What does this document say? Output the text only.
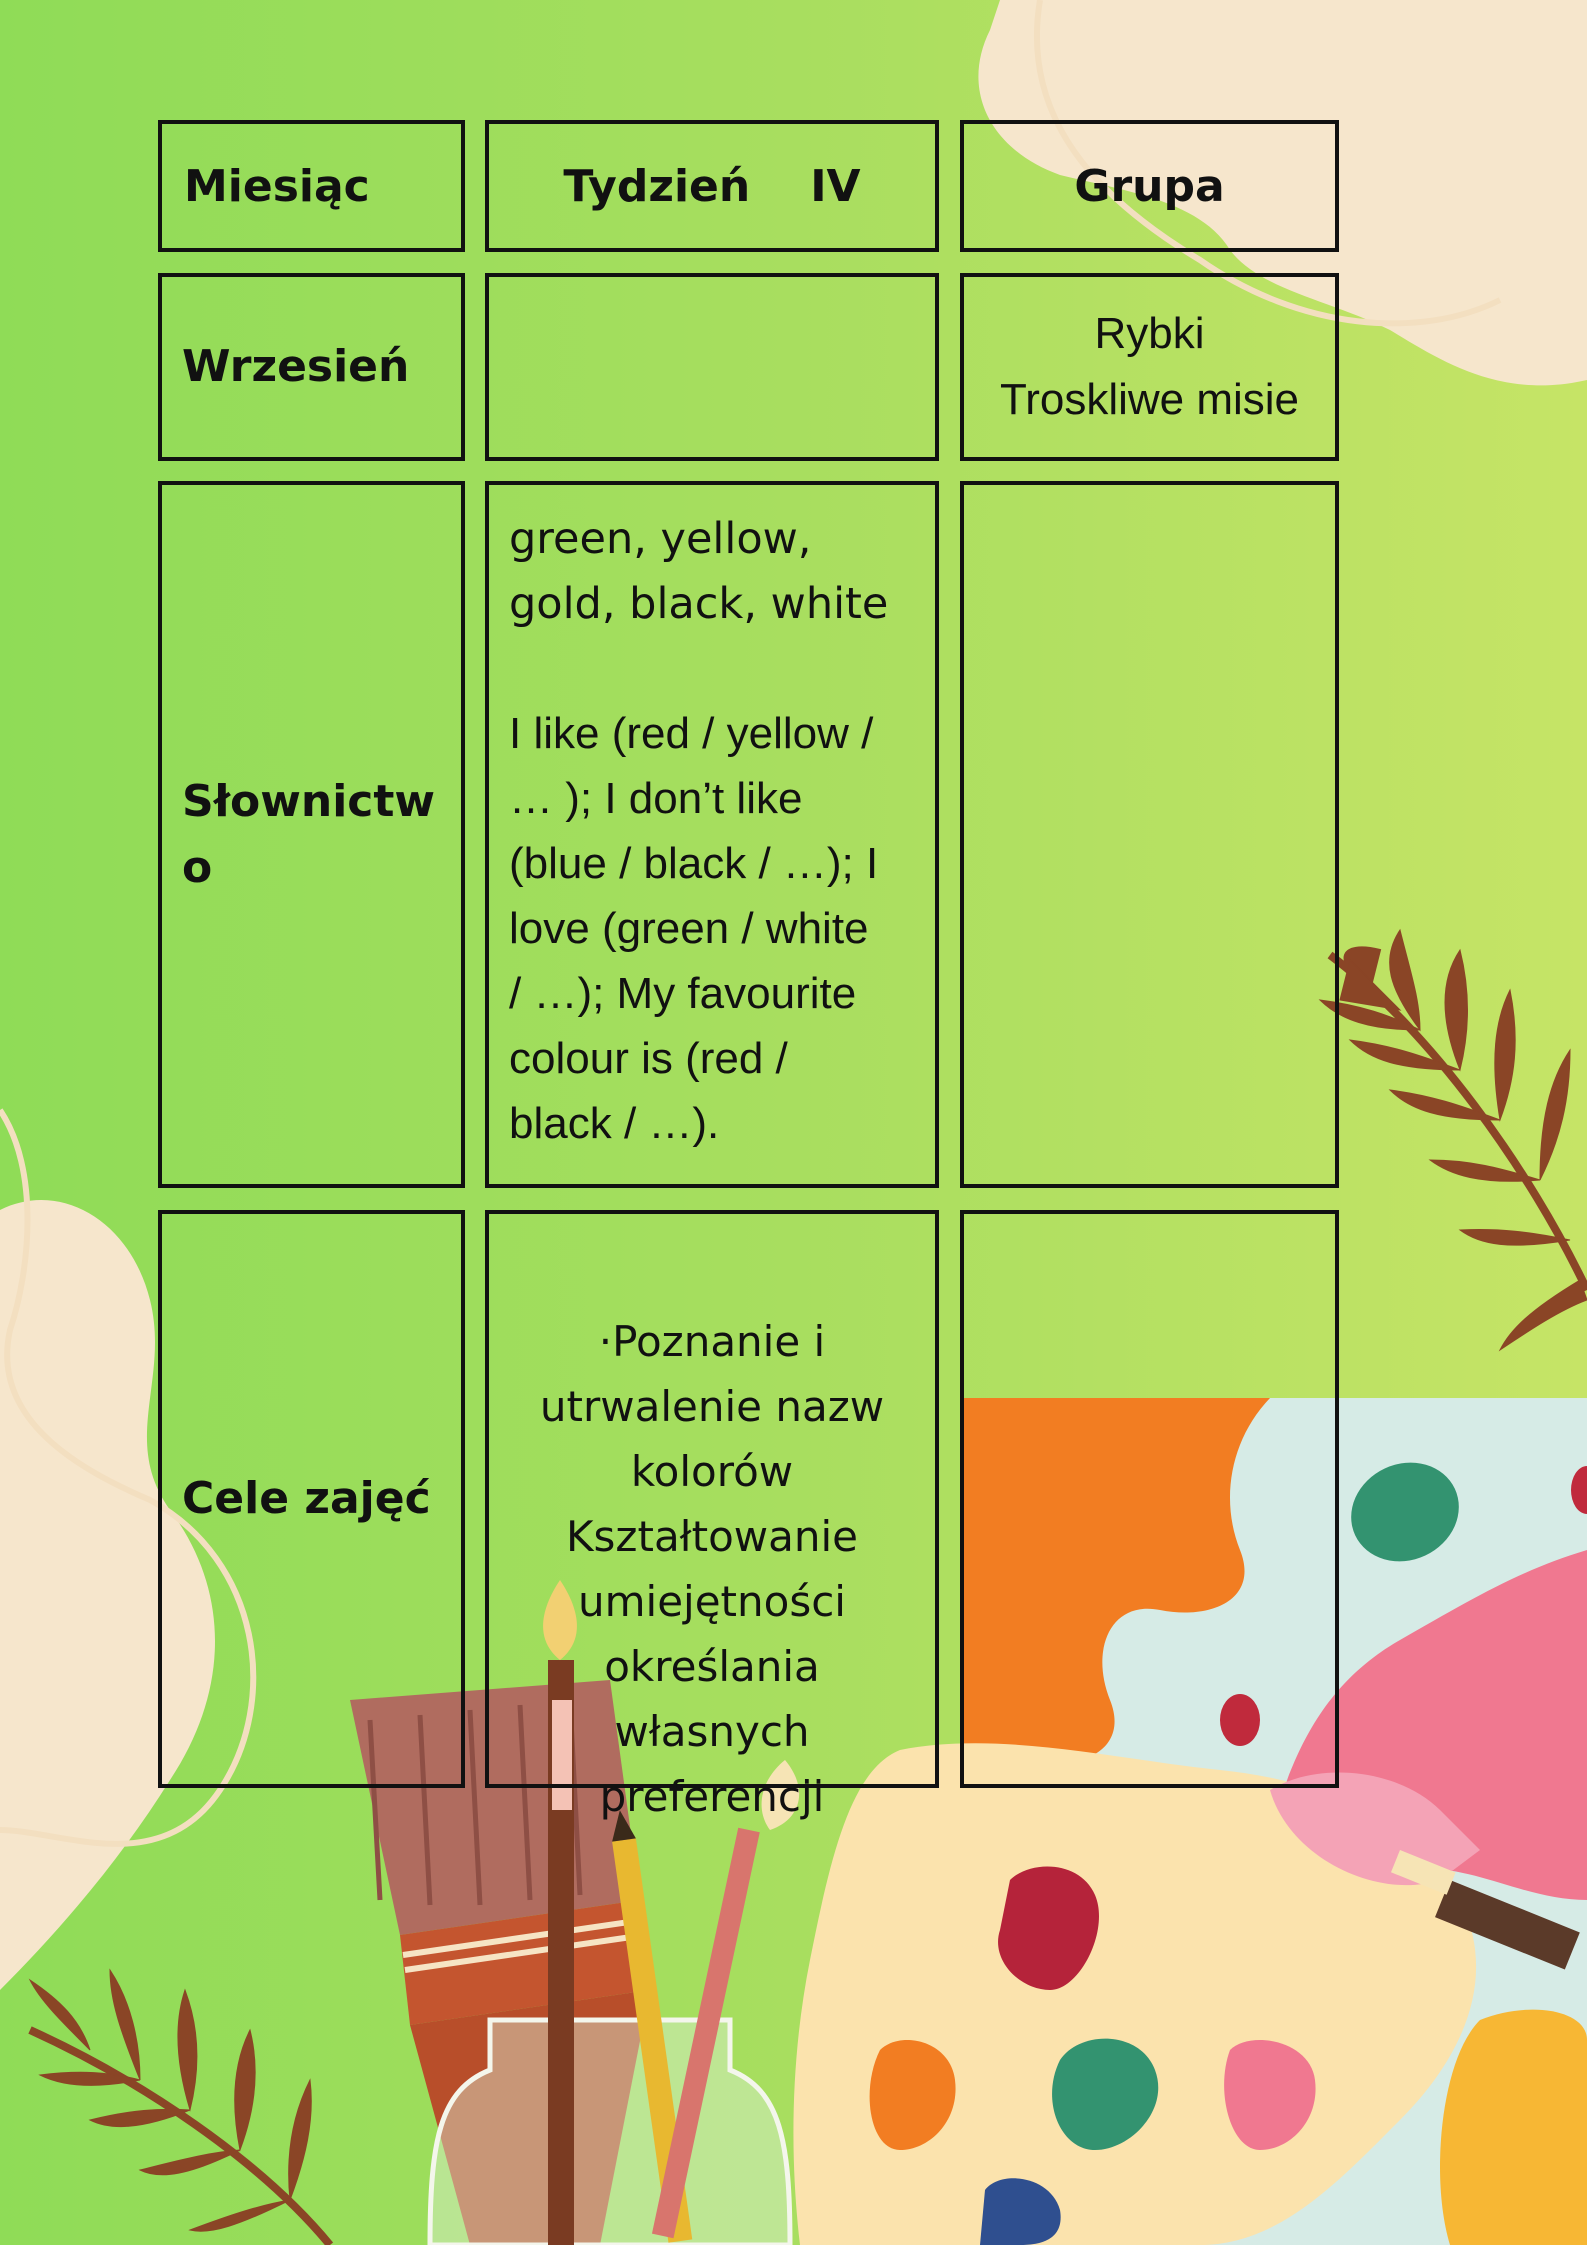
Miesiąc	Tydzień IV	Grupa
Wrzesień
Rybki
Troskliwe misie
Słownictw
o
green, yellow,
gold, black, white
I like (red / yellow /
… ); I don’t like
(blue / black / …); I
love (green / white
/ …); My favourite
colour is (red /
black / …).
Cele zajęć

·Poznanie i
utrwalenie nazw
kolorów
Kształtowanie
umiejętności
określania
własnych
preferencji
